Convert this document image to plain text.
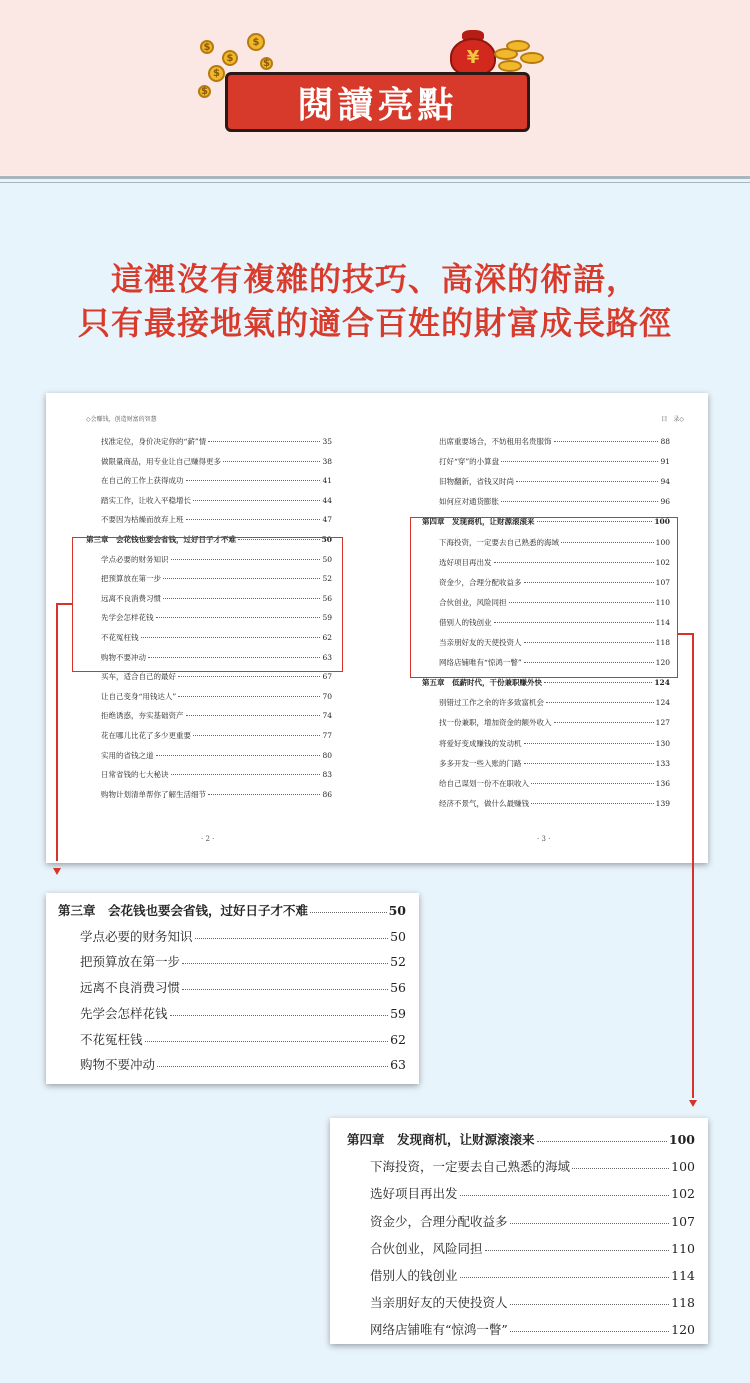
$
$
$
$
$
$
¥
閱讀亮點
這裡沒有複雜的技巧、高深的術語，
只有最接地氣的適合百姓的財富成長路徑
◇会赚钱，创造财富的智慧
找准定位，身价决定你的“薪”情	35
做限量商品，用专业让自己赚得更多	38
在自己的工作上获得成功	41
踏实工作，让收入平稳增长	44
不要因为枯燥而放弃上班	47
第三章　会花钱也要会省钱，过好日子才不难	50
学点必要的财务知识	50
把预算放在第一步	52
远离不良消费习惯	56
先学会怎样花钱	59
不花冤枉钱	62
购物不要冲动	63
买车，适合自己的最好	67
让自己变身“用钱达人”	70
拒绝诱惑，夯实基础资产	74
花在哪儿比花了多少更重要	77
实用的省钱之道	80
日常省钱的七大秘诀	83
购物计划清单帮你了解生活细节	86
· 2 ·
目　录◇
出席重要场合，不妨租用名贵服饰	88
打好“穿”的小算盘	91
旧物翻新，省钱又时尚	94
如何应对通货膨胀	96
第四章　发现商机，让财源滚滚来	100
下海投资，一定要去自己熟悉的海域	100
选好项目再出发	102
资金少，合理分配收益多	107
合伙创业，风险同担	110
借别人的钱创业	114
当亲朋好友的天使投资人	118
网络店铺唯有“惊鸿一瞥”	120
第五章　低薪时代，干份兼职赚外快	124
别错过工作之余的许多致富机会	124
找一份兼职，增加资金的额外收入	127
将爱好变成赚钱的发动机	130
多多开发一些入账的门路	133
给自己谋划一份不在职收入	136
经济不景气，做什么最赚钱	139
· 3 ·
第三章　会花钱也要会省钱，过好日子才不难	50
学点必要的财务知识	50
把预算放在第一步	52
远离不良消费习惯	56
先学会怎样花钱	59
不花冤枉钱	62
购物不要冲动	63
第四章　发现商机，让财源滚滚来	100
下海投资，一定要去自己熟悉的海域	100
选好项目再出发	102
资金少，合理分配收益多	107
合伙创业，风险同担	110
借别人的钱创业	114
当亲朋好友的天使投资人	118
网络店铺唯有“惊鸿一瞥”	120
